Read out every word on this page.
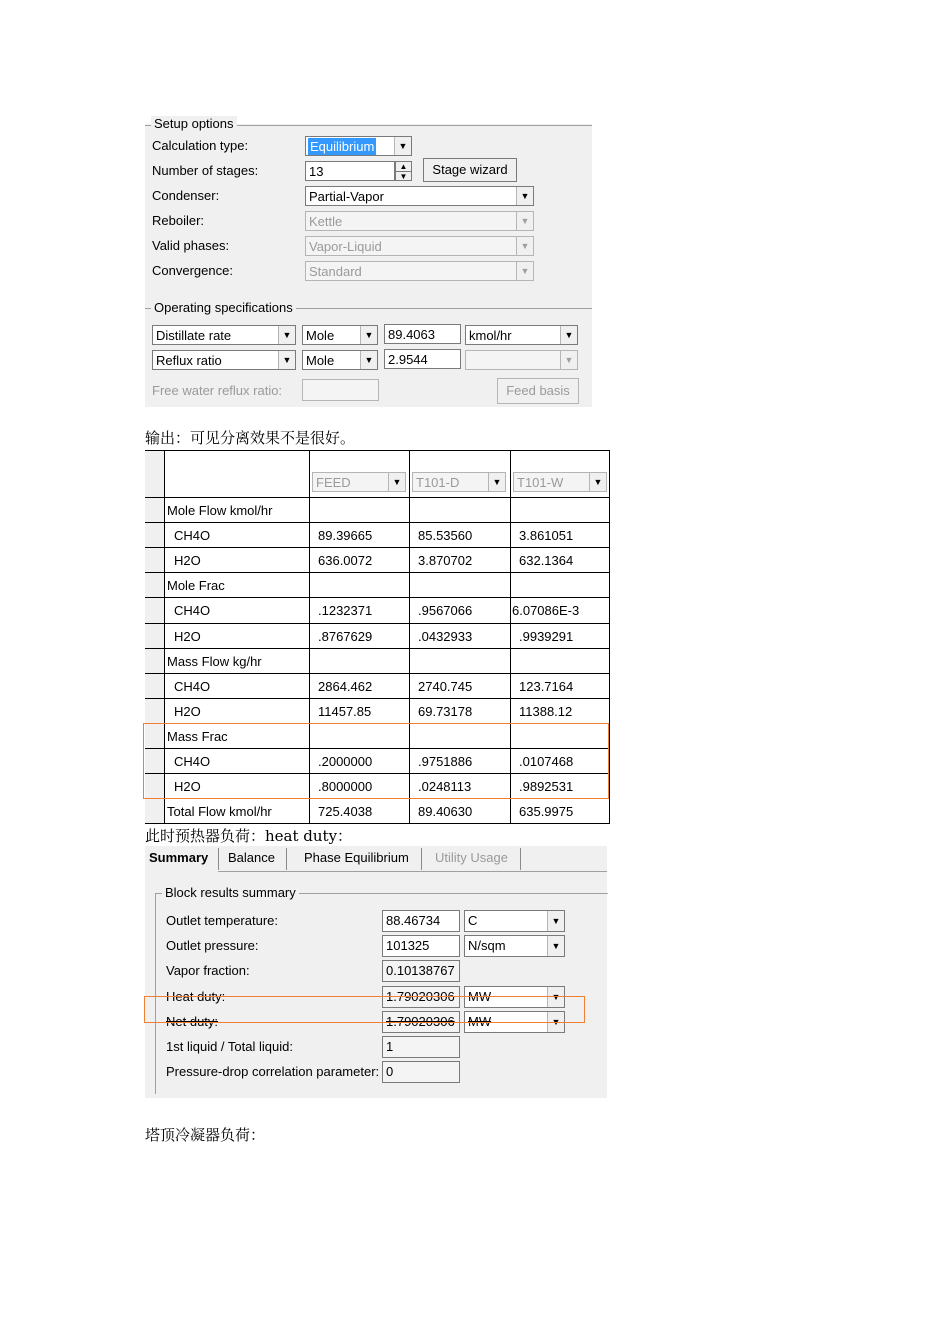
Setup options
Calculation type:	Equilibrium	▼
Number of stages:	13	▲
▼	Stage wizard
Condenser:	Partial-Vapor	▼
Reboiler:	Kettle	▼
Valid phases:	Vapor-Liquid	▼
Convergence:	Standard	▼
Operating specifications
Distillate rate	▼ Mole	▼ 89.4063	kmol/hr	▼
Reflux ratio	▼ Mole	▼ 2.9544	▼
Free water reflux ratio:	Feed basis
输出：可见分离效果不是很好。
FEED	▼ T101-D	▼ T101-W	▼
Mole Flow kmol/hr
CH4O	89.39665	85.53560	3.861051
H2O	636.0072	3.870702	632.1364
Mole Frac
CH4O	.1232371	.9567066	6.07086E-3
H2O	.8767629	.0432933	.9939291
Mass Flow kg/hr
CH4O	2864.462	2740.745	123.7164
H2O	11457.85	69.73178	11388.12
Mass Frac
CH4O	.2000000	.9751886	.0107468
H2O	.8000000	.0248113	.9892531
Total Flow kmol/hr	725.4038	89.40630	635.9975
此时预热器负荷：heat duty：
Summary	Balance	Phase Equilibrium	Utility Usage
Block results summary
Outlet temperature:	88.46734 C	▼
Outlet pressure:	101325	N/sqm	▼
Vapor fraction:	0.10138767
Heat duty:	1.79020306 MW	▼
Net duty:	1.79020306 MW	▼
1st liquid / Total liquid:	1
Pressure-drop correlation parameter: 0
塔顶冷凝器负荷：
